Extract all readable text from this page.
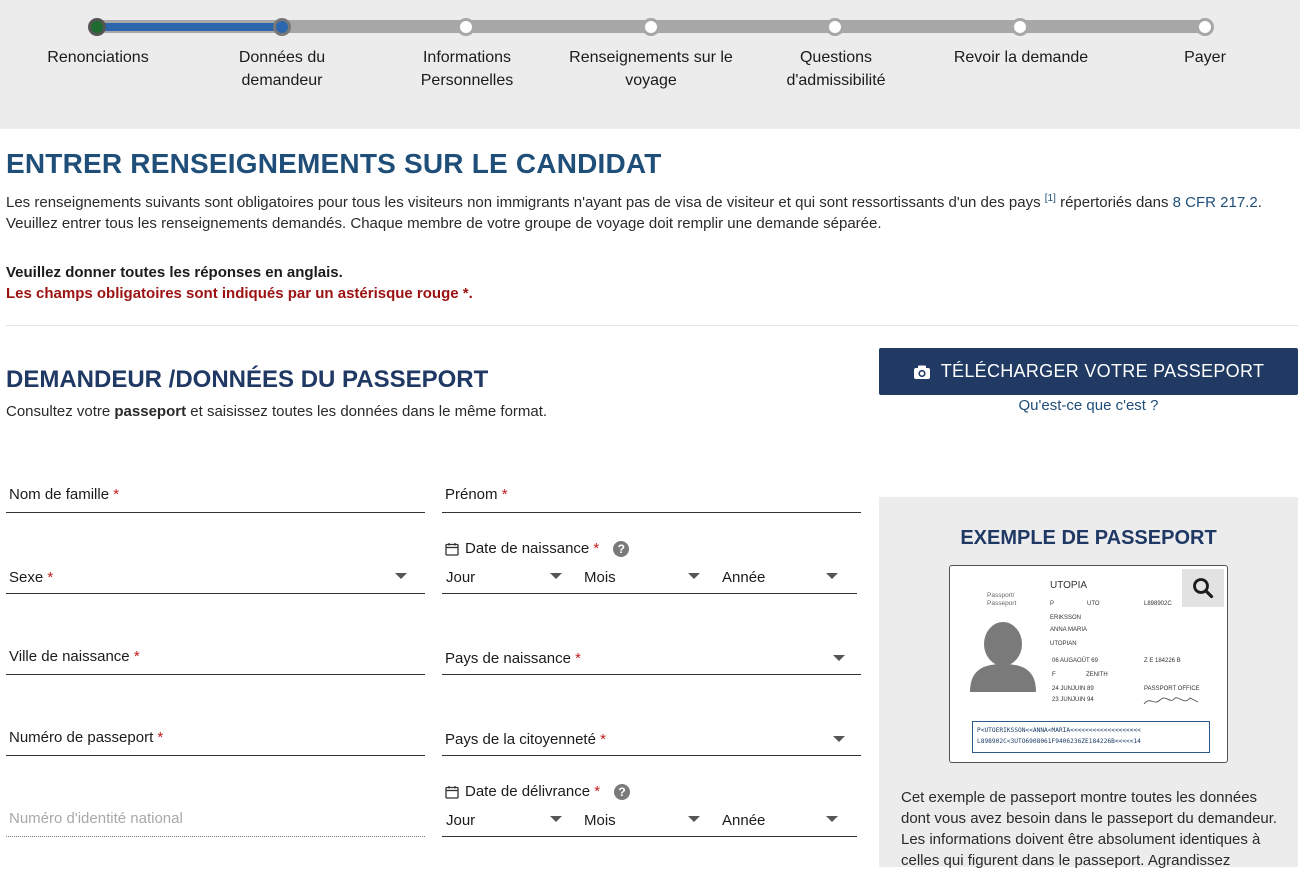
Renonciations	Données du demandeur
Informations Personnelles
Renseignements sur le voyage
Questions d'admissibilité
Revoir la demande	Payer
ENTRER RENSEIGNEMENTS SUR LE CANDIDAT

Les renseignements suivants sont obligatoires pour tous les visiteurs non immigrants n'ayant pas de visa de visiteur et qui sont ressortissants d'un des pays [1] répertoriés dans 8 CFR 217.2. Veuillez entrer tous les renseignements demandés. Chaque membre de votre groupe de voyage doit remplir une demande séparée.

Veuillez donner toutes les réponses en anglais.
Les champs obligatoires sont indiqués par un astérisque rouge *.
DEMANDEUR /DONNÉES DU PASSEPORT

Consultez votre passeport et saisissez toutes les données dans le même format.

TÉLÉCHARGER VOTRE PASSEPORT
Qu'est-ce que c'est ?
Nom de famille *	Prénom *
Sexe *
Date de naissance *	?
Jour	Mois	Année
Ville de naissance *	Pays de naissance *
Numéro de passeport *	Pays de la citoyenneté *
Numéro d'identité national
Date de délivrance *	?
Jour	Mois	Année
EXEMPLE DE PASSEPORT
Passport/
Passeport
UTOPIA
P	UTO	L898902C
ERIKSSON
ANNA MARIA
UTOPIAN
06 AUGAOÛT 69	Z E 184226 B
F	ZENITH
24 JUNJUIN 89	PASSPORT OFFICE
23 JUNJUIN 94
P<UTOERIKSSON<<ANNA<MARIA<<<<<<<<<<<<<<<<<<<
L898902C<3UTO6908061F9406236ZE184226B<<<<<14

Cet exemple de passeport montre toutes les données dont vous avez besoin dans le passeport du demandeur. Les informations doivent être absolument identiques à celles qui figurent dans le passeport. Agrandissez
